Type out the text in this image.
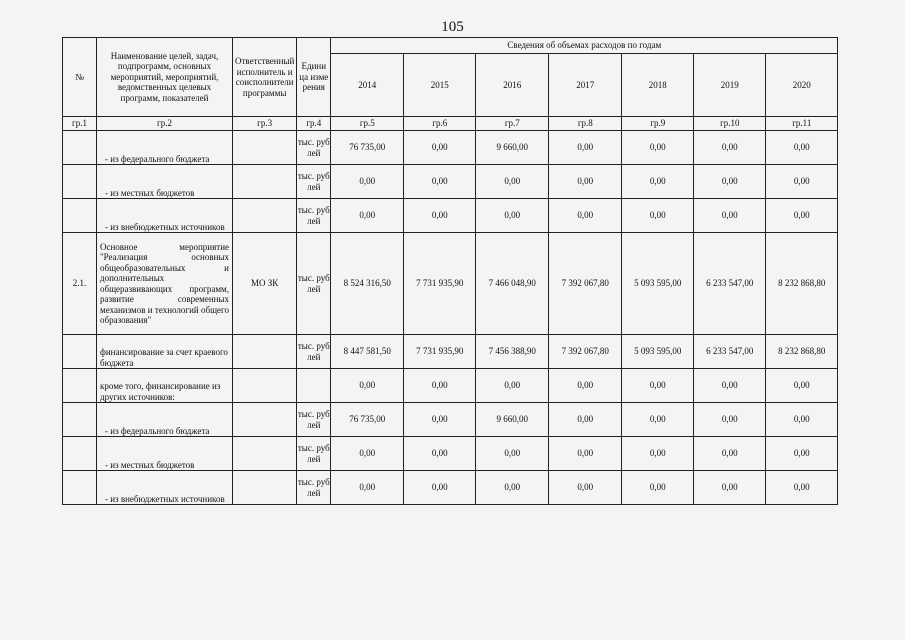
105
№	Наименование целей, задач, подпрограмм, основных мероприятий, мероприятий, ведомственных целевых программ, показателей	Ответственный исполнитель и соисполнители программы	Единица измерения	Сведения об объемах расходов по годам						
				2014	2015	2016	2017	2018	2019	2020
гр.1	гр.2	гр.3	гр.4	гр.5	гр.6	гр.7	гр.8	гр.9	гр.10	гр.11
	- из федерального бюджета		тыс. руб лей	76 735,00	0,00	9 660,00	0,00	0,00	0,00	0,00
	- из местных бюджетов		тыс. руб лей	0,00	0,00	0,00	0,00	0,00	0,00	0,00
	- из внебюджетных источников		тыс. руб лей	0,00	0,00	0,00	0,00	0,00	0,00	0,00
2.1.	Основное мероприятие "Реализация основных общеобразовательных и дополнительных общеразвивающих программ, развитие современных механизмов и технологий общего образования"	МО ЗК	тыс. руб лей	8 524 316,50	7 731 935,90	7 466 048,90	7 392 067,80	5 093 595,00	6 233 547,00	8 232 868,80
	финансирование за счет краевого бюджета		тыс. руб лей	8 447 581,50	7 731 935,90	7 456 388,90	7 392 067,80	5 093 595,00	6 233 547,00	8 232 868,80
	кроме того, финансирование из других источников:			0,00	0,00	0,00	0,00	0,00	0,00	0,00
	- из федерального бюджета		тыс. руб лей	76 735,00	0,00	9 660,00	0,00	0,00	0,00	0,00
	- из местных бюджетов		тыс. руб лей	0,00	0,00	0,00	0,00	0,00	0,00	0,00
	- из внебюджетных источников		тыс. руб лей	0,00	0,00	0,00	0,00	0,00	0,00	0,00
